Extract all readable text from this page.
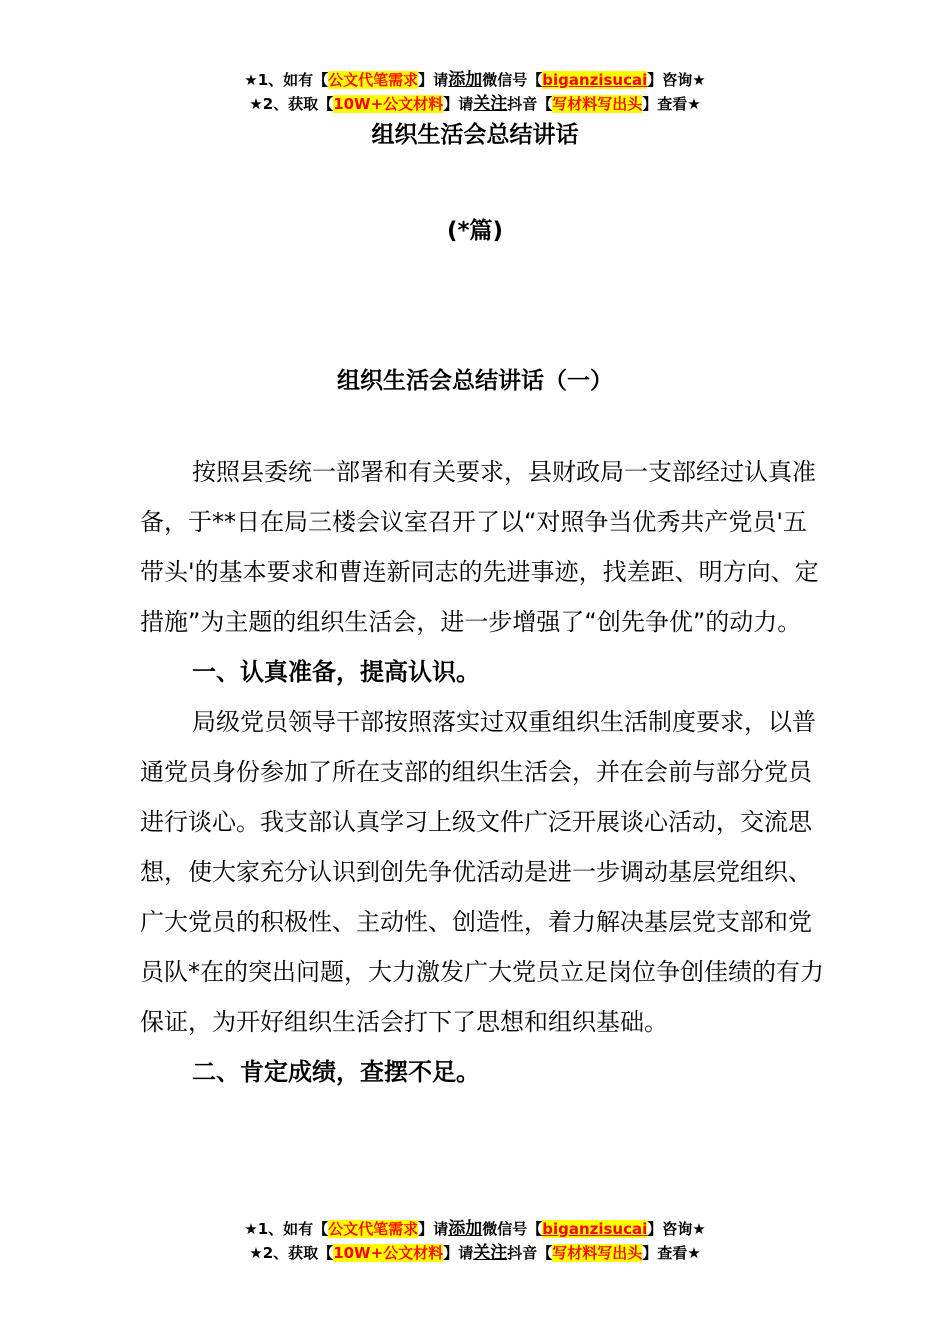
★1、如有【公文代笔需求】请添加微信号【biganzisucai】咨询★
★2、获取【10W+公文材料】请关注抖音【写材料写出头】查看★
组织生活会总结讲话
(*篇)
组织生活会总结讲话（一）

按照县委统一部署和有关要求，县财政局一支部经过认真准备，于**日在局三楼会议室召开了以“对照争当优秀共产党员'五带头'的基本要求和曹连新同志的先进事迹，找差距、明方向、定措施”为主题的组织生活会，进一步增强了“创先争优”的动力。

一、认真准备，提高认识。

局级党员领导干部按照落实过双重组织生活制度要求，以普通党员身份参加了所在支部的组织生活会，并在会前与部分党员进行谈心。我支部认真学习上级文件广泛开展谈心活动，交流思想，使大家充分认识到创先争优活动是进一步调动基层党组织、广大党员的积极性、主动性、创造性，着力解决基层党支部和党员队*在的突出问题，大力激发广大党员立足岗位争创佳绩的有力保证，为开好组织生活会打下了思想和组织基础。

二、肯定成绩，查摆不足。

★1、如有【公文代笔需求】请添加微信号【biganzisucai】咨询★
★2、获取【10W+公文材料】请关注抖音【写材料写出头】查看★
